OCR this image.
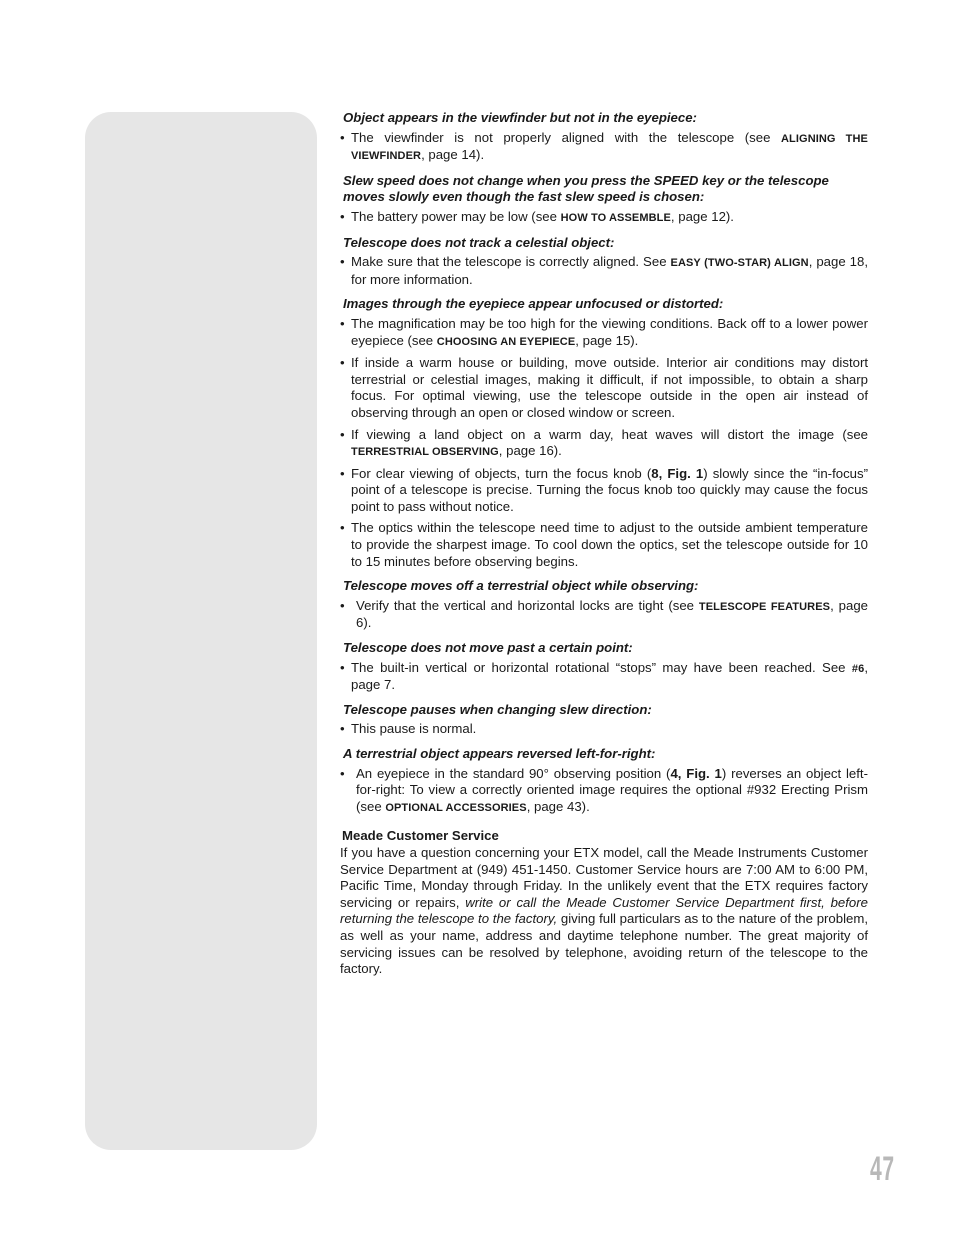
Object appears in the viewfinder but not in the eyepiece:
• The viewfinder is not properly aligned with the telescope (see ALIGNING THE VIEWFINDER, page 14).
Slew speed does not change when you press the SPEED key or the telescope moves slowly even though the fast slew speed is chosen:
• The battery power may be low (see HOW TO ASSEMBLE, page 12).
Telescope does not track a celestial object:
• Make sure that the telescope is correctly aligned. See EASY (TWO-STAR) ALIGN, page 18, for more information.
Images through the eyepiece appear unfocused or distorted:
• The magnification may be too high for the viewing conditions. Back off to a lower power eyepiece (see CHOOSING AN EYEPIECE, page 15).
• If inside a warm house or building, move outside. Interior air conditions may distort terrestrial or celestial images, making it difficult, if not impossible, to obtain a sharp focus. For optimal viewing, use the telescope outside in the open air instead of observing through an open or closed window or screen.
• If viewing a land object on a warm day, heat waves will distort the image (see TERRESTRIAL OBSERVING, page 16).
• For clear viewing of objects, turn the focus knob (8, Fig. 1) slowly since the “in-focus” point of a telescope is precise. Turning the focus knob too quickly may cause the focus point to pass without notice.
• The optics within the telescope need time to adjust to the outside ambient temperature to provide the sharpest image. To cool down the optics, set the telescope outside for 10 to 15 minutes before observing begins.
Telescope moves off a terrestrial object while observing:
• Verify that the vertical and horizontal locks are tight (see TELESCOPE FEATURES, page 6).
Telescope does not move past a certain point:
• The built-in vertical or horizontal rotational “stops” may have been reached. See #6, page 7.
Telescope pauses when changing slew direction:
• This pause is normal.
A terrestrial object appears reversed left-for-right:
• An eyepiece in the standard 90° observing position (4, Fig. 1) reverses an object left-for-right: To view a correctly oriented image requires the optional #932 Erecting Prism (see OPTIONAL ACCESSORIES, page 43).
Meade Customer Service
If you have a question concerning your ETX model, call the Meade Instruments Customer Service Department at (949) 451-1450. Customer Service hours are 7:00 AM to 6:00 PM, Pacific Time, Monday through Friday. In the unlikely event that the ETX requires factory servicing or repairs, write or call the Meade Customer Service Department first, before returning the telescope to the factory, giving full particulars as to the nature of the problem, as well as your name, address and daytime telephone number. The great majority of servicing issues can be resolved by telephone, avoiding return of the telescope to the factory.
47
